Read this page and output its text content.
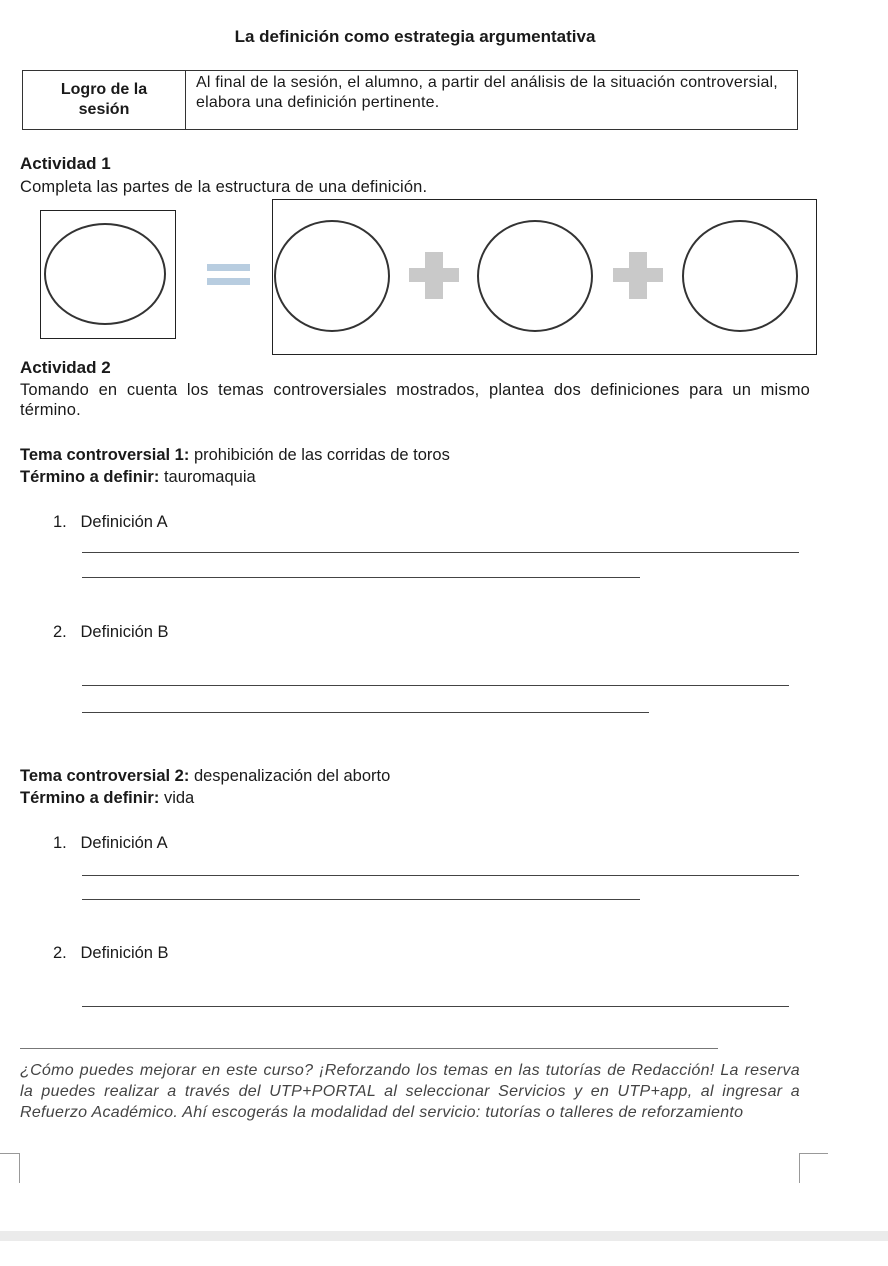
La definición como estrategia argumentativa
Logro de la sesión
Al final de la sesión, el alumno, a partir del análisis de la situación controversial, elabora una definición pertinente.
Actividad 1
Completa las partes de la estructura de una definición.
Actividad 2
Tomando en cuenta los temas controversiales mostrados, plantea dos definiciones para un mismo término.
Tema controversial 1: prohibición de las corridas de toros
Término a definir: tauromaquia
1.   Definición A
2.   Definición B
Tema controversial 2: despenalización del aborto
Término a definir: vida
1.   Definición A
2.   Definición B
¿Cómo puedes mejorar en este curso? ¡Reforzando los temas en las tutorías de Redacción! La reserva la puedes realizar a través del UTP+PORTAL al seleccionar Servicios y en UTP+app, al ingresar a Refuerzo Académico. Ahí escogerás la modalidad del servicio: tutorías o talleres de reforzamiento
